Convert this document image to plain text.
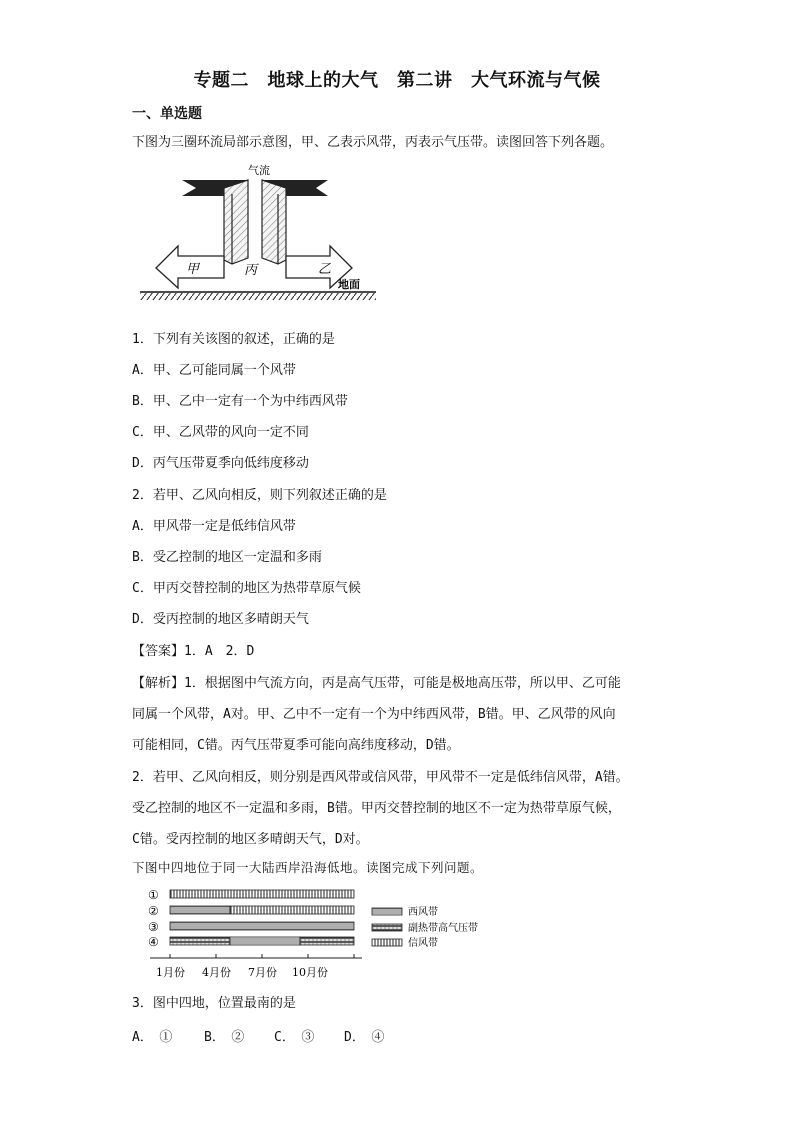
专题二　地球上的大气　第二讲　大气环流与气候
一、单选题
下图为三圈环流局部示意图，甲、乙表示风带，丙表示气压带。读图回答下列各题。
气流
甲	丙	乙
地面
1．下列有关该图的叙述，正确的是
A．甲、乙可能同属一个风带
B．甲、乙中一定有一个为中纬西风带
C．甲、乙风带的风向一定不同
D．丙气压带夏季向低纬度移动
2．若甲、乙风向相反，则下列叙述正确的是
A．甲风带一定是低纬信风带
B．受乙控制的地区一定温和多雨
C．甲丙交替控制的地区为热带草原气候
D．受丙控制的地区多晴朗天气
【答案】1．A　2．D
【解析】1．根据图中气流方向，丙是高气压带，可能是极地高压带，所以甲、乙可能
同属一个风带，A对。甲、乙中不一定有一个为中纬西风带，B错。甲、乙风带的风向
可能相同，C错。丙气压带夏季可能向高纬度移动，D错。
2．若甲、乙风向相反，则分别是西风带或信风带，甲风带不一定是低纬信风带，A错。
受乙控制的地区不一定温和多雨，B错。甲丙交替控制的地区不一定为热带草原气候，
C错。受丙控制的地区多晴朗天气，D对。
下图中四地位于同一大陆西岸沿海低地。读图完成下列问题。
①
②
③
④
西风带
副热带高气压带
信风带
1月份 4月份 7月份 10月份
3．图中四地，位置最南的是
A．　① B．　② C．　③ D．　④
